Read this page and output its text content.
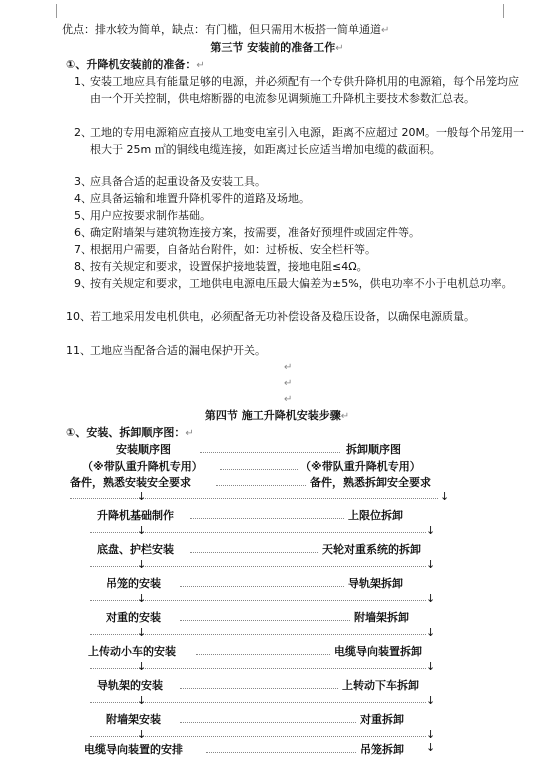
优点：排水较为简单，缺点：有门槛，但只需用木板搭一简单通道↵
第三节 安装前的准备工作↵
①、升降机安装前的准备：↵
1、
安装工地应具有能量足够的电源，并必须配有一个专供升降机用的电源箱，每个吊笼均应由一个开关控制，供电熔断器的电流参见调频施工升降机主要技术参数汇总表。
2、
工地的专用电源箱应直接从工地变电室引入电源，距离不应超过 20M。一般每个吊笼用一根大于 25m ㎡的铜线电缆连接，如距离过长应适当增加电缆的截面积。
3、
应具备合适的起重设备及安装工具。
4、
应具备运输和堆置升降机零件的道路及场地。
5、
用户应按要求制作基础。
6、
确定附墙架与建筑物连接方案，按需要，准备好预埋件或固定件等。
7、
根据用户需要，自备站台附件，如：过桥板、安全栏杆等。
8、
按有关规定和要求，设置保护接地装置，接地电阻≤4Ω。
9、
按有关规定和要求，工地供电电源电压最大偏差为±5%，供电功率不小于电机总功率。
10、 若工地采用发电机供电，必须配备无功补偿设备及稳压设备，以确保电源质量。
11、 工地应当配备合适的漏电保护开关。
↵
↵
↵
第四节 施工升降机安装步骤↵
①、安装、拆卸顺序图：↵
安装顺序图	拆卸顺序图
（※带队重升降机专用）	（※带队重升降机专用）
备件，熟悉安装安全要求	备件，熟悉拆卸安全要求
↓	↓
升降机基础制作	上限位拆卸
↓	↓
底盘、护栏安装	天轮对重系统的拆卸
↓	↓
吊笼的安装	导轨架拆卸
↓	↓
对重的安装	附墙架拆卸
↓	↓
上传动小车的安装	电缆导向装置拆卸
↓	↓
导轨架的安装	上转动下车拆卸
↓	↓
附墙架安装	对重拆卸
↓	↓
电缆导向装置的安排	吊笼拆卸 ↓
